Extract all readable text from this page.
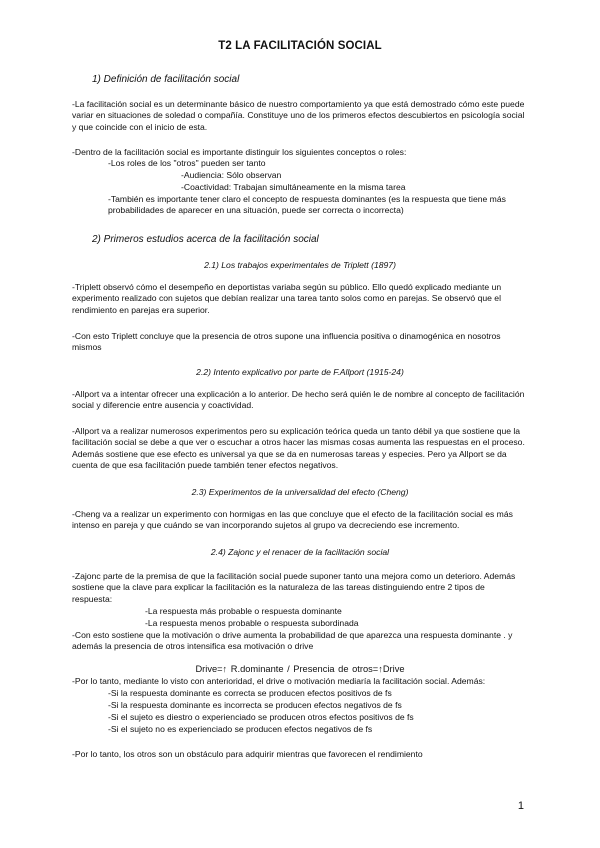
T2 LA FACILITACIÓN SOCIAL
1) Definición de facilitación social

-La facilitación social es un determinante básico de nuestro comportamiento ya que está demostrado cómo este puede variar en situaciones de soledad o compañía. Constituye uno de los primeros efectos descubiertos en psicología social y que coincide con el inicio de esta.

-Dentro de la facilitación social es importante distinguir los siguientes conceptos o roles:

-Los roles de los "otros" pueden ser tanto
-Audiencia: Sólo observan
-Coactividad: Trabajan simultáneamente en la misma tarea
-También es importante tener claro el concepto de respuesta dominantes (es la respuesta que tiene más probabilidades de aparecer en una situación, puede ser correcta o incorrecta)
2) Primeros estudios acerca de la facilitación social
2.1) Los trabajos experimentales de Triplett (1897)

-Triplett observó cómo el desempeño en deportistas variaba según su público. Ello quedó explicado mediante un experimento realizado con sujetos que debían realizar una tarea tanto solos como en parejas. Se observó que el rendimiento en parejas era superior.

-Con esto Triplett concluye que la presencia de otros supone una influencia positiva o dinamogénica en nosotros mismos

2.2) Intento explicativo por parte de F.Allport (1915-24)

-Allport va a intentar ofrecer una explicación a lo anterior. De hecho será quién le de nombre al concepto de facilitación social y diferencie entre ausencia y coactividad.

-Allport va a realizar numerosos experimentos pero su explicación teórica queda un tanto débil ya que sostiene que la facilitación social se debe a que ver o escuchar a otros hacer las mismas cosas aumenta las respuestas en el proceso. Además sostiene que ese efecto es universal ya que se da en numerosas tareas y especies. Pero ya Allport se da cuenta de que esa facilitación puede también tener efectos negativos.

2.3) Experimentos de la universalidad del efecto (Cheng)

-Cheng va a realizar un experimento con hormigas en las que concluye que el efecto de la facilitación social es más intenso en pareja y que cuándo se van incorporando sujetos al grupo va decreciendo ese incremento.

2.4) Zajonc y el renacer de la facilitación social

-Zajonc parte de la premisa de que la facilitación social puede suponer tanto una mejora como un deterioro. Además sostiene que la clave para explicar la facilitación es la naturaleza de las tareas distinguiendo entre 2 tipos de respuesta:

-La respuesta más probable o respuesta dominante
-La respuesta menos probable o respuesta subordinada

-Con esto sostiene que la motivación o drive aumenta la probabilidad de que aparezca una respuesta dominante . y además la presencia de otros intensifica esa motivación o drive

Drive=↑ R.dominante / Presencia de otros=↑Drive

-Por lo tanto, mediante lo visto con anterioridad, el drive o motivación mediaría la facilitación social. Además:

-Si la respuesta dominante es correcta se producen efectos positivos de fs
-Si la respuesta dominante es incorrecta se producen efectos negativos de fs
-Si el sujeto es diestro o experienciado se producen otros efectos positivos de fs
-Si el sujeto no es experienciado se producen efectos negativos de fs

-Por lo tanto, los otros son un obstáculo para adquirir mientras que favorecen el rendimiento

1
